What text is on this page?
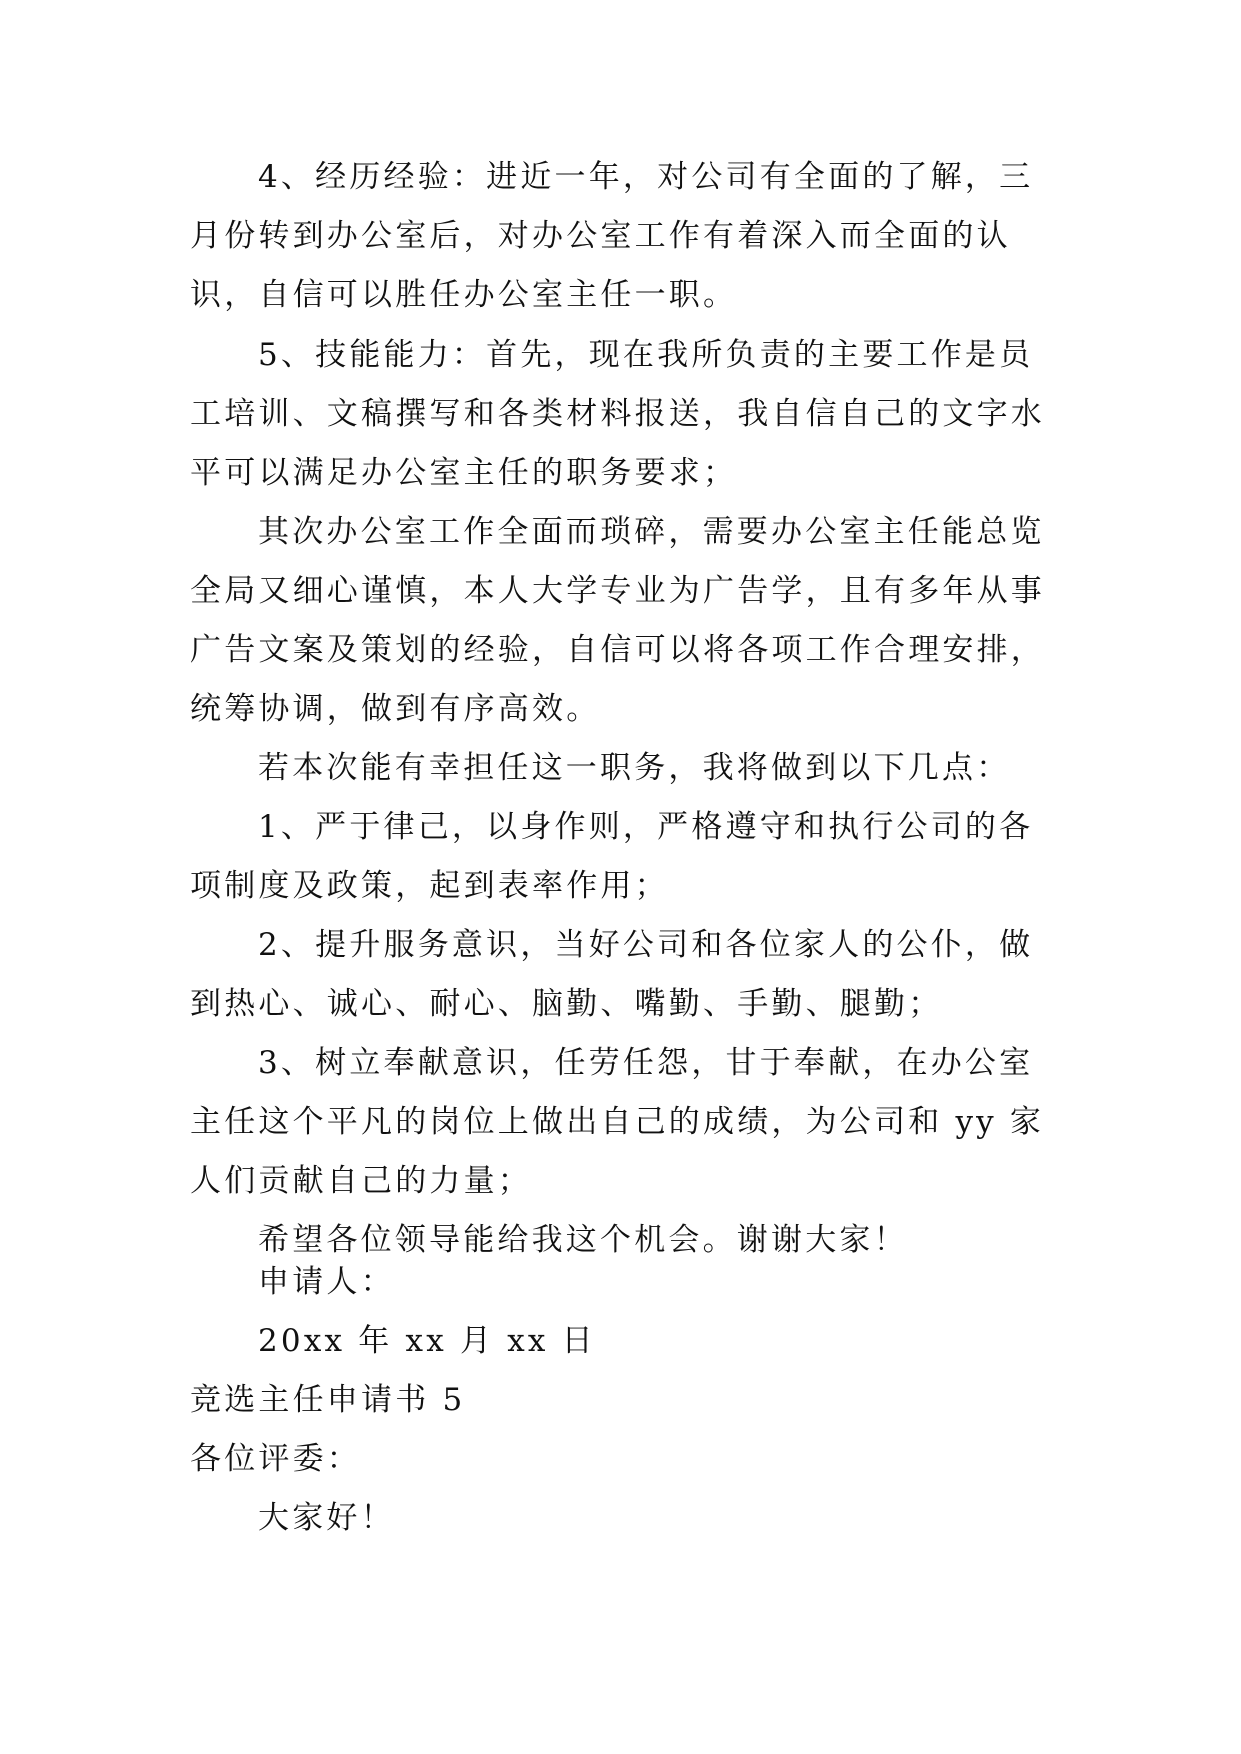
4、经历经验：进近一年，对公司有全面的了解，三月份转到办公室后，对办公室工作有着深入而全面的认识，自信可以胜任办公室主任一职。

5、技能能力：首先，现在我所负责的主要工作是员工培训、文稿撰写和各类材料报送，我自信自己的文字水平可以满足办公室主任的职务要求；

其次办公室工作全面而琐碎，需要办公室主任能总览全局又细心谨慎，本人大学专业为广告学，且有多年从事广告文案及策划的经验，自信可以将各项工作合理安排，统筹协调，做到有序高效。

若本次能有幸担任这一职务，我将做到以下几点：

1、严于律己，以身作则，严格遵守和执行公司的各项制度及政策，起到表率作用；

2、提升服务意识，当好公司和各位家人的公仆，做到热心、诚心、耐心、脑勤、嘴勤、手勤、腿勤；

3、树立奉献意识，任劳任怨，甘于奉献，在办公室主任这个平凡的岗位上做出自己的成绩，为公司和 yy 家人们贡献自己的力量；

希望各位领导能给我这个机会。谢谢大家！

申请人：

20xx 年 xx 月 xx 日

竞选主任申请书 5

各位评委：

大家好！
